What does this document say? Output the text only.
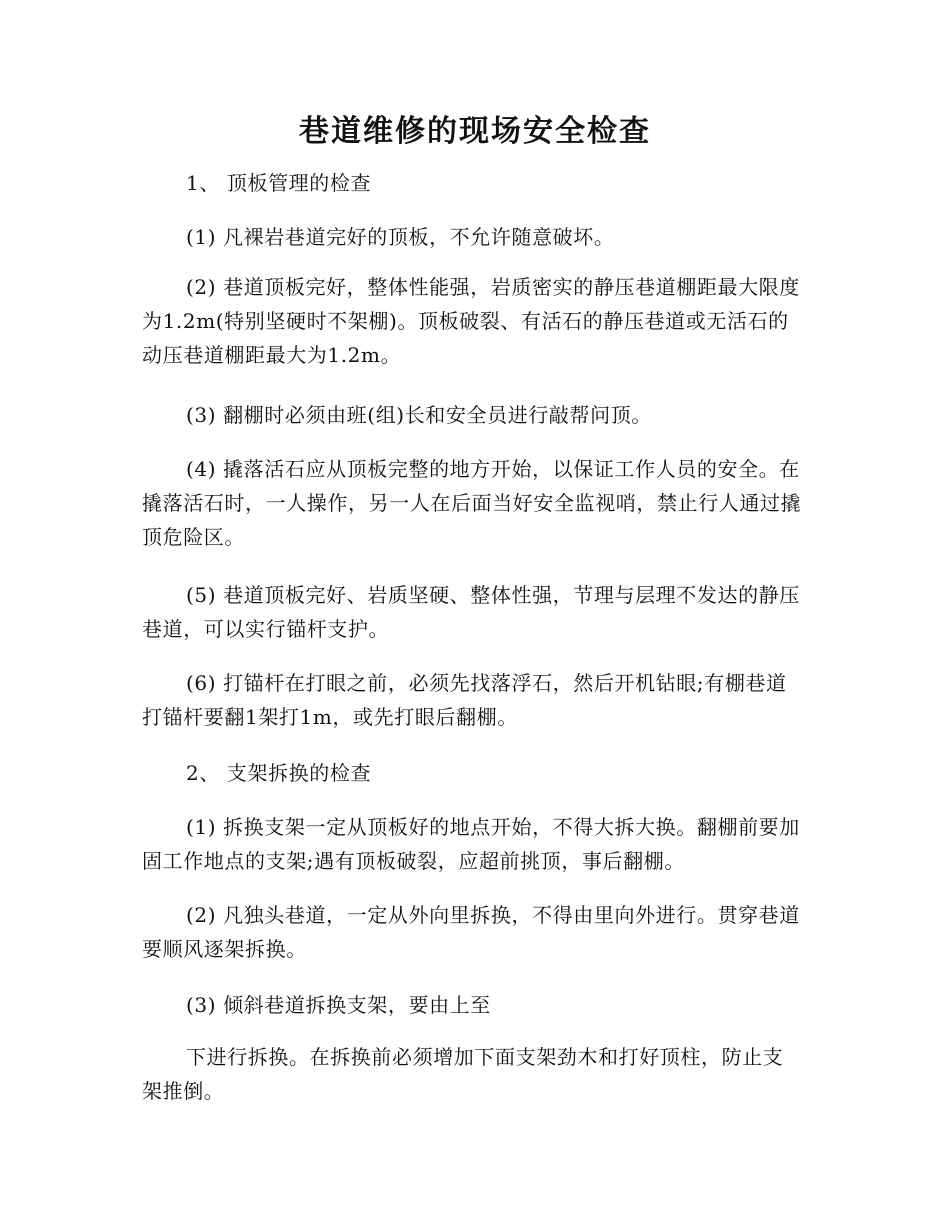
巷道维修的现场安全检查

1、 顶板管理的检查

(1) 凡裸岩巷道完好的顶板，不允许随意破坏。

(2) 巷道顶板完好，整体性能强，岩质密实的静压巷道棚距最大限度为1.2m(特别坚硬时不架棚)。顶板破裂、有活石的静压巷道或无活石的动压巷道棚距最大为1.2m。

(3) 翻棚时必须由班(组)长和安全员进行敲帮问顶。

(4) 撬落活石应从顶板完整的地方开始，以保证工作人员的安全。在撬落活石时，一人操作，另一人在后面当好安全监视哨，禁止行人通过撬顶危险区。

(5) 巷道顶板完好、岩质坚硬、整体性强，节理与层理不发达的静压巷道，可以实行锚杆支护。

(6) 打锚杆在打眼之前，必须先找落浮石，然后开机钻眼;有棚巷道打锚杆要翻1架打1m，或先打眼后翻棚。

2、 支架拆换的检查

(1) 拆换支架一定从顶板好的地点开始，不得大拆大换。翻棚前要加固工作地点的支架;遇有顶板破裂，应超前挑顶，事后翻棚。

(2) 凡独头巷道，一定从外向里拆换，不得由里向外进行。贯穿巷道要顺风逐架拆换。

(3) 倾斜巷道拆换支架，要由上至

下进行拆换。在拆换前必须增加下面支架劲木和打好顶柱，防止支架推倒。
